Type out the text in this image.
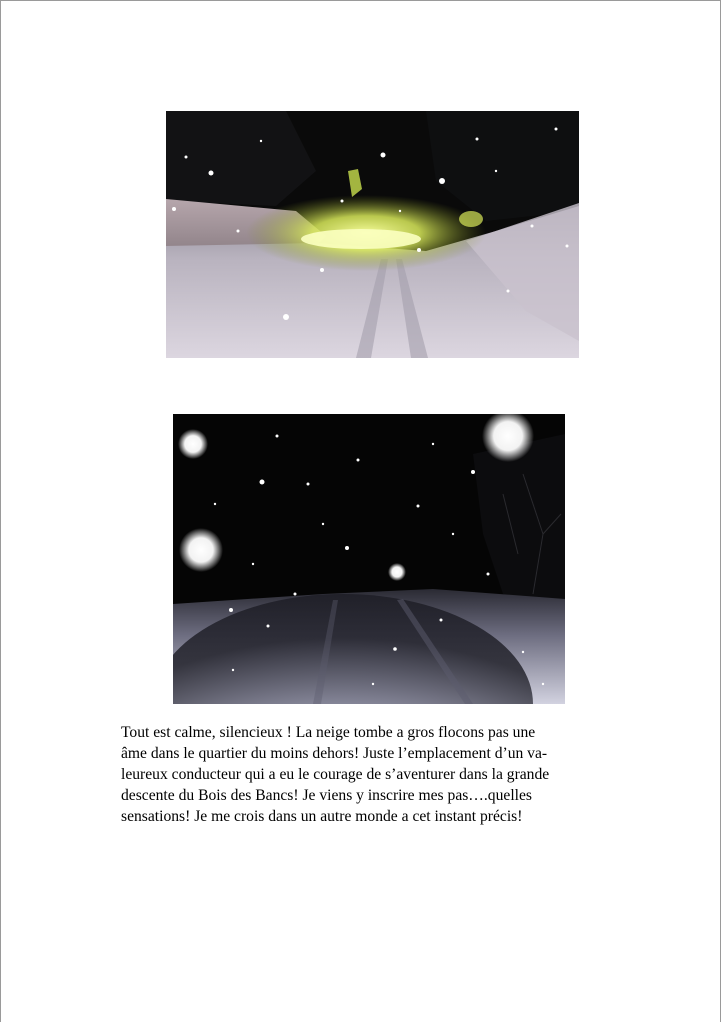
Tout est calme, silencieux ! La neige tombe a gros flocons pas une
âme dans le quartier du moins dehors! Juste l’emplacement d’un va-
leureux conducteur qui a eu le courage de s’aventurer dans la grande
descente du Bois des Bancs! Je viens y inscrire mes pas….quelles
sensations! Je me crois dans un autre monde a cet instant précis!
